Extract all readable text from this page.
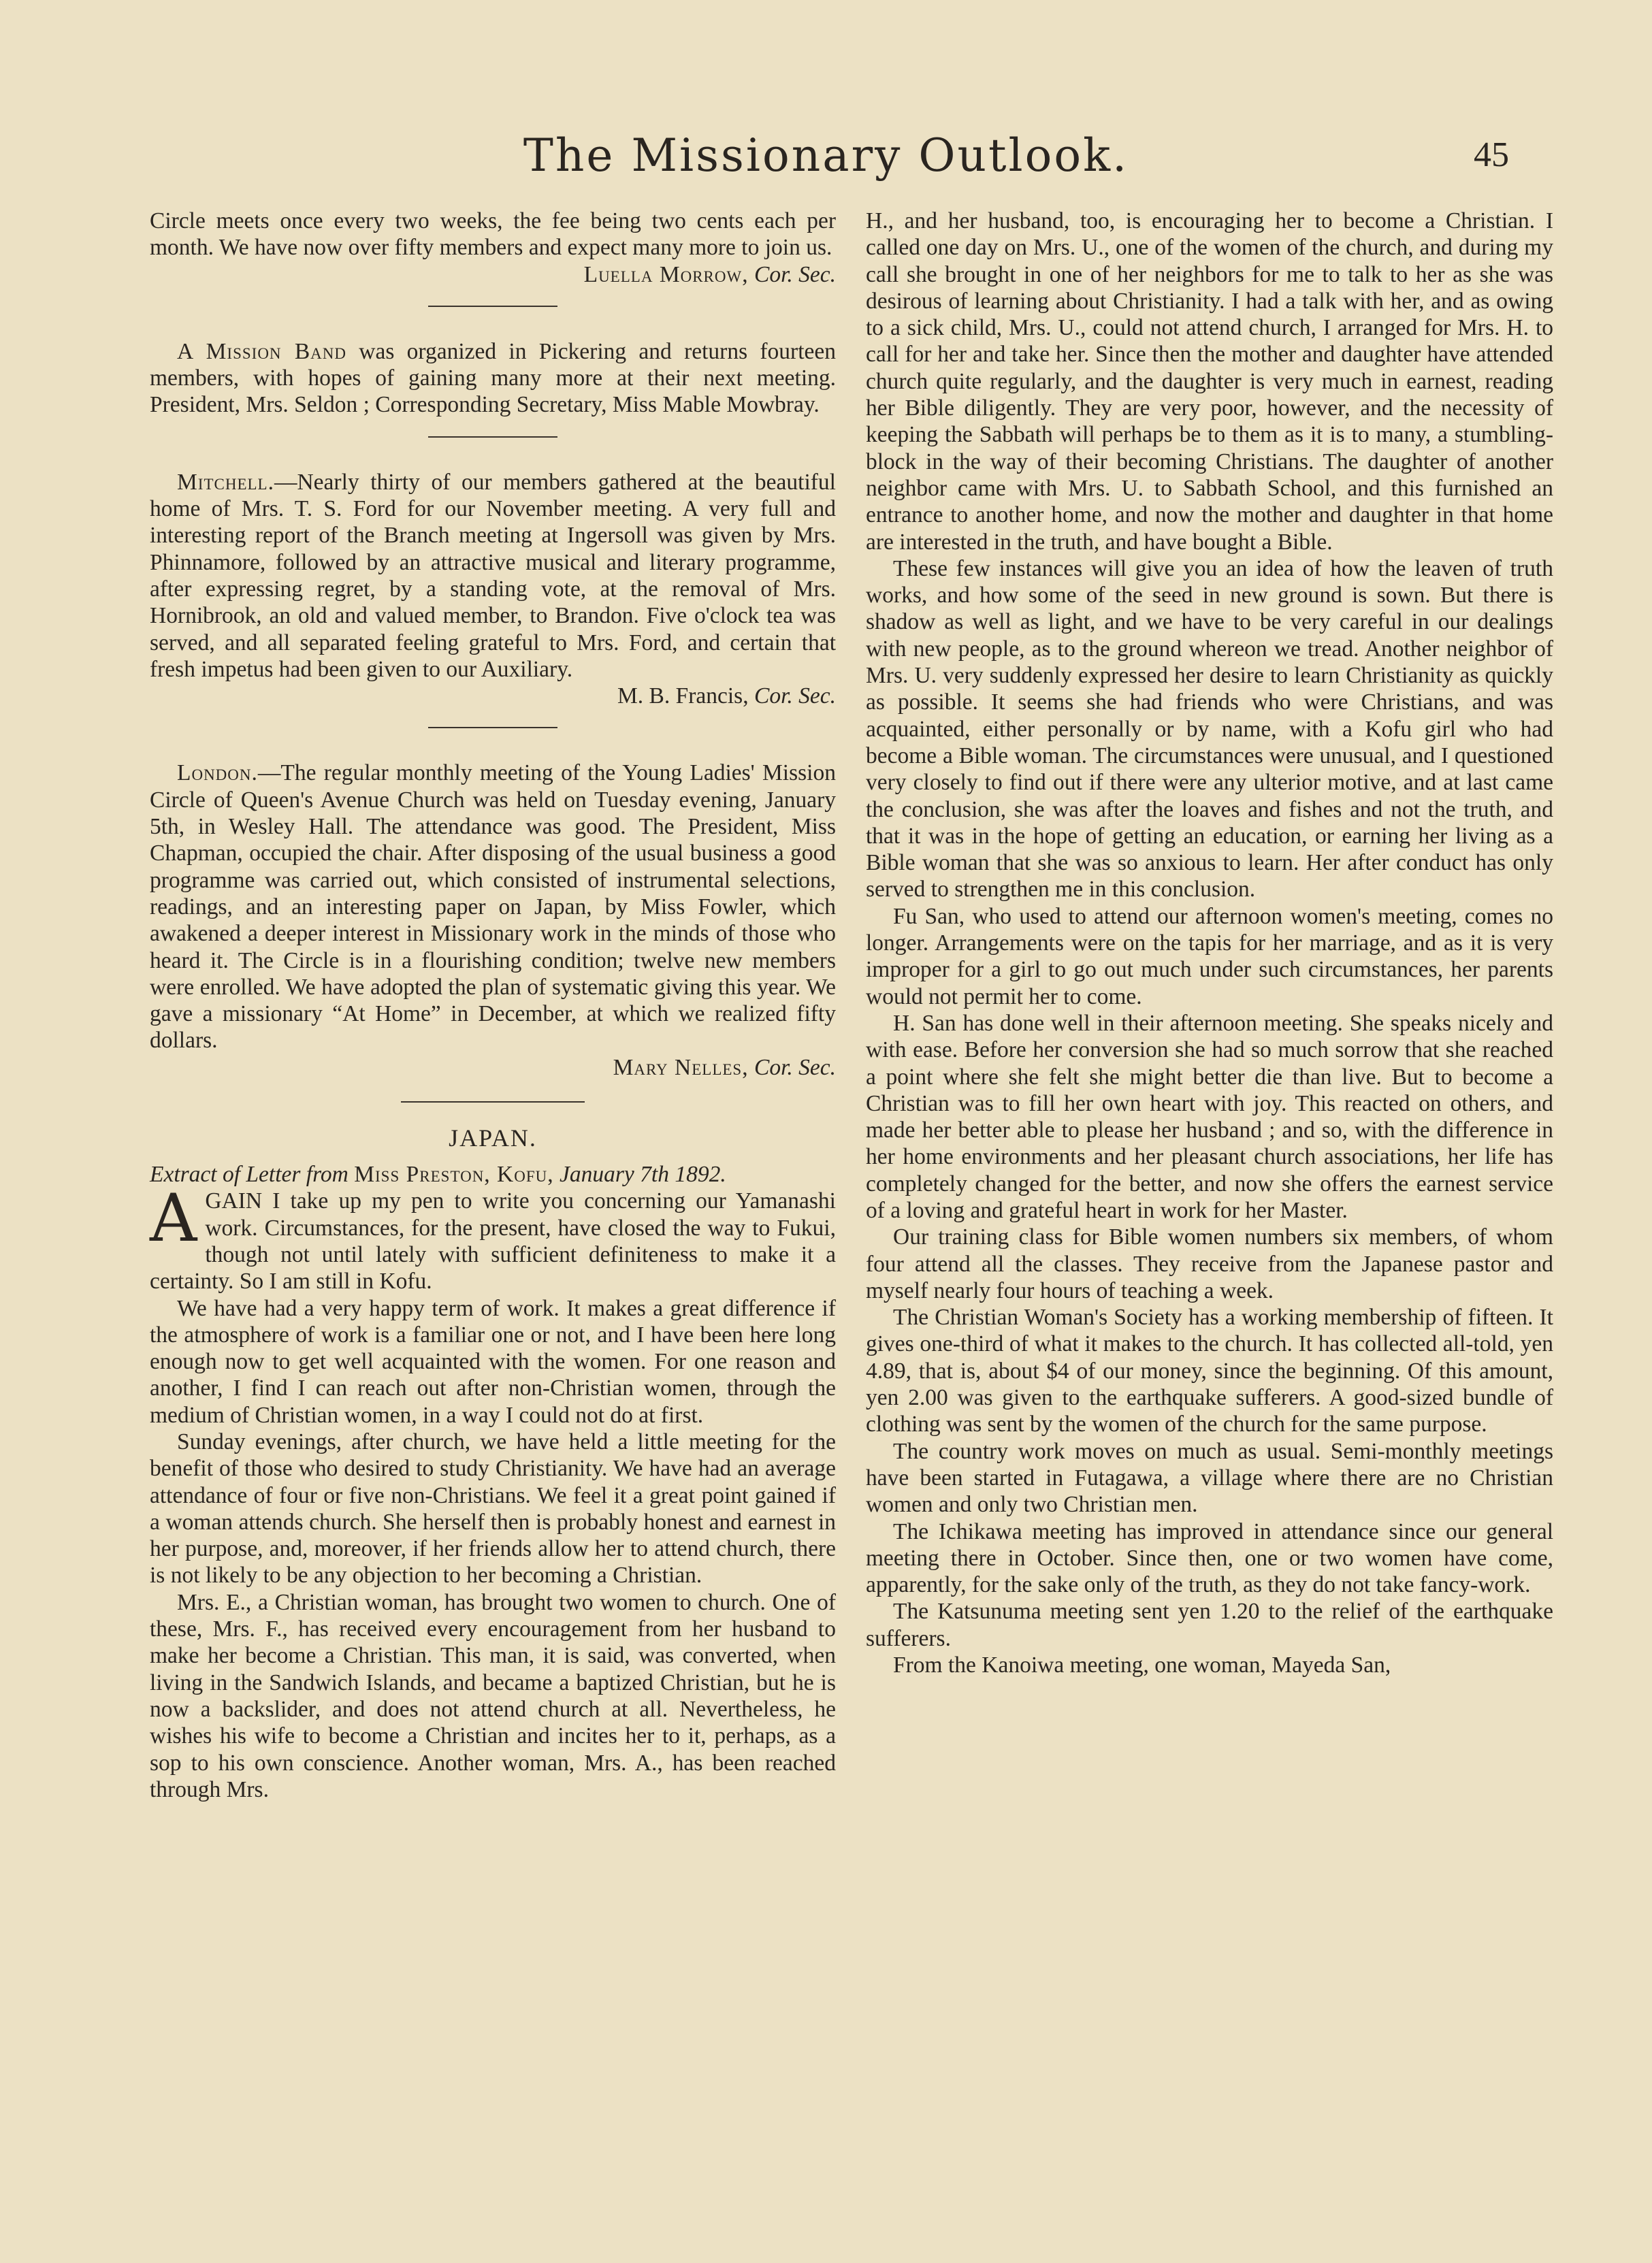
The Missionary Outlook.	45

Circle meets once every two weeks, the fee being two cents each per month. We have now over fifty members and expect many more to join us.

Luella Morrow, Cor. Sec.

A Mission Band was organized in Pickering and returns fourteen members, with hopes of gaining many more at their next meeting. President, Mrs. Seldon ; Corresponding Secretary, Miss Mable Mowbray.

Mitchell.—Nearly thirty of our members gathered at the beautiful home of Mrs. T. S. Ford for our November meeting. A very full and interesting report of the Branch meeting at Ingersoll was given by Mrs. Phinnamore, followed by an attractive musical and literary programme, after expressing regret, by a standing vote, at the removal of Mrs. Hornibrook, an old and valued member, to Brandon. Five o'clock tea was served, and all separated feeling grateful to Mrs. Ford, and certain that fresh impetus had been given to our Auxiliary.

M. B. Francis, Cor. Sec.

London.—The regular monthly meeting of the Young Ladies' Mission Circle of Queen's Avenue Church was held on Tuesday evening, January 5th, in Wesley Hall. The attendance was good. The President, Miss Chapman, occupied the chair. After disposing of the usual business a good programme was carried out, which consisted of instrumental selections, readings, and an interesting paper on Japan, by Miss Fowler, which awakened a deeper interest in Missionary work in the minds of those who heard it. The Circle is in a flourishing condition; twelve new members were enrolled. We have adopted the plan of systematic giving this year. We gave a missionary “At Home” in December, at which we realized fifty dollars.

Mary Nelles, Cor. Sec.

JAPAN.

Extract of Letter from Miss Preston, Kofu, January 7th 1892.

AGAIN I take up my pen to write you concerning our Yamanashi work. Circumstances, for the present, have closed the way to Fukui, though not until lately with sufficient definiteness to make it a certainty. So I am still in Kofu.

We have had a very happy term of work. It makes a great difference if the atmosphere of work is a familiar one or not, and I have been here long enough now to get well acquainted with the women. For one reason and another, I find I can reach out after non-Christian women, through the medium of Christian women, in a way I could not do at first.

Sunday evenings, after church, we have held a little meeting for the benefit of those who desired to study Christianity. We have had an average attendance of four or five non-Christians. We feel it a great point gained if a woman attends church. She herself then is probably honest and earnest in her purpose, and, moreover, if her friends allow her to attend church, there is not likely to be any objection to her becoming a Christian.

Mrs. E., a Christian woman, has brought two women to church. One of these, Mrs. F., has received every encouragement from her husband to make her become a Christian. This man, it is said, was converted, when living in the Sandwich Islands, and became a baptized Christian, but he is now a backslider, and does not attend church at all. Nevertheless, he wishes his wife to become a Christian and incites her to it, perhaps, as a sop to his own conscience. Another woman, Mrs. A., has been reached through Mrs.

H., and her husband, too, is encouraging her to become a Christian. I called one day on Mrs. U., one of the women of the church, and during my call she brought in one of her neighbors for me to talk to her as she was desirous of learning about Christianity. I had a talk with her, and as owing to a sick child, Mrs. U., could not attend church, I arranged for Mrs. H. to call for her and take her. Since then the mother and daughter have attended church quite regularly, and the daughter is very much in earnest, reading her Bible diligently. They are very poor, however, and the necessity of keeping the Sabbath will perhaps be to them as it is to many, a stumbling-block in the way of their becoming Christians. The daughter of another neighbor came with Mrs. U. to Sabbath School, and this furnished an entrance to another home, and now the mother and daughter in that home are interested in the truth, and have bought a Bible.

These few instances will give you an idea of how the leaven of truth works, and how some of the seed in new ground is sown. But there is shadow as well as light, and we have to be very careful in our dealings with new people, as to the ground whereon we tread. Another neighbor of Mrs. U. very suddenly expressed her desire to learn Christianity as quickly as possible. It seems she had friends who were Christians, and was acquainted, either personally or by name, with a Kofu girl who had become a Bible woman. The circumstances were unusual, and I questioned very closely to find out if there were any ulterior motive, and at last came the conclusion, she was after the loaves and fishes and not the truth, and that it was in the hope of getting an education, or earning her living as a Bible woman that she was so anxious to learn. Her after conduct has only served to strengthen me in this conclusion.

Fu San, who used to attend our afternoon women's meeting, comes no longer. Arrangements were on the tapis for her marriage, and as it is very improper for a girl to go out much under such circumstances, her parents would not permit her to come.

H. San has done well in their afternoon meeting. She speaks nicely and with ease. Before her conversion she had so much sorrow that she reached a point where she felt she might better die than live. But to become a Christian was to fill her own heart with joy. This reacted on others, and made her better able to please her husband ; and so, with the difference in her home environments and her pleasant church associations, her life has completely changed for the better, and now she offers the earnest service of a loving and grateful heart in work for her Master.

Our training class for Bible women numbers six members, of whom four attend all the classes. They receive from the Japanese pastor and myself nearly four hours of teaching a week.

The Christian Woman's Society has a working membership of fifteen. It gives one-third of what it makes to the church. It has collected all-told, yen 4.89, that is, about $4 of our money, since the beginning. Of this amount, yen 2.00 was given to the earthquake sufferers. A good-sized bundle of clothing was sent by the women of the church for the same purpose.

The country work moves on much as usual. Semi-monthly meetings have been started in Futagawa, a village where there are no Christian women and only two Christian men.

The Ichikawa meeting has improved in attendance since our general meeting there in October. Since then, one or two women have come, apparently, for the sake only of the truth, as they do not take fancy-work.

The Katsunuma meeting sent yen 1.20 to the relief of the earthquake sufferers.

From the Kanoiwa meeting, one woman, Mayeda San,
